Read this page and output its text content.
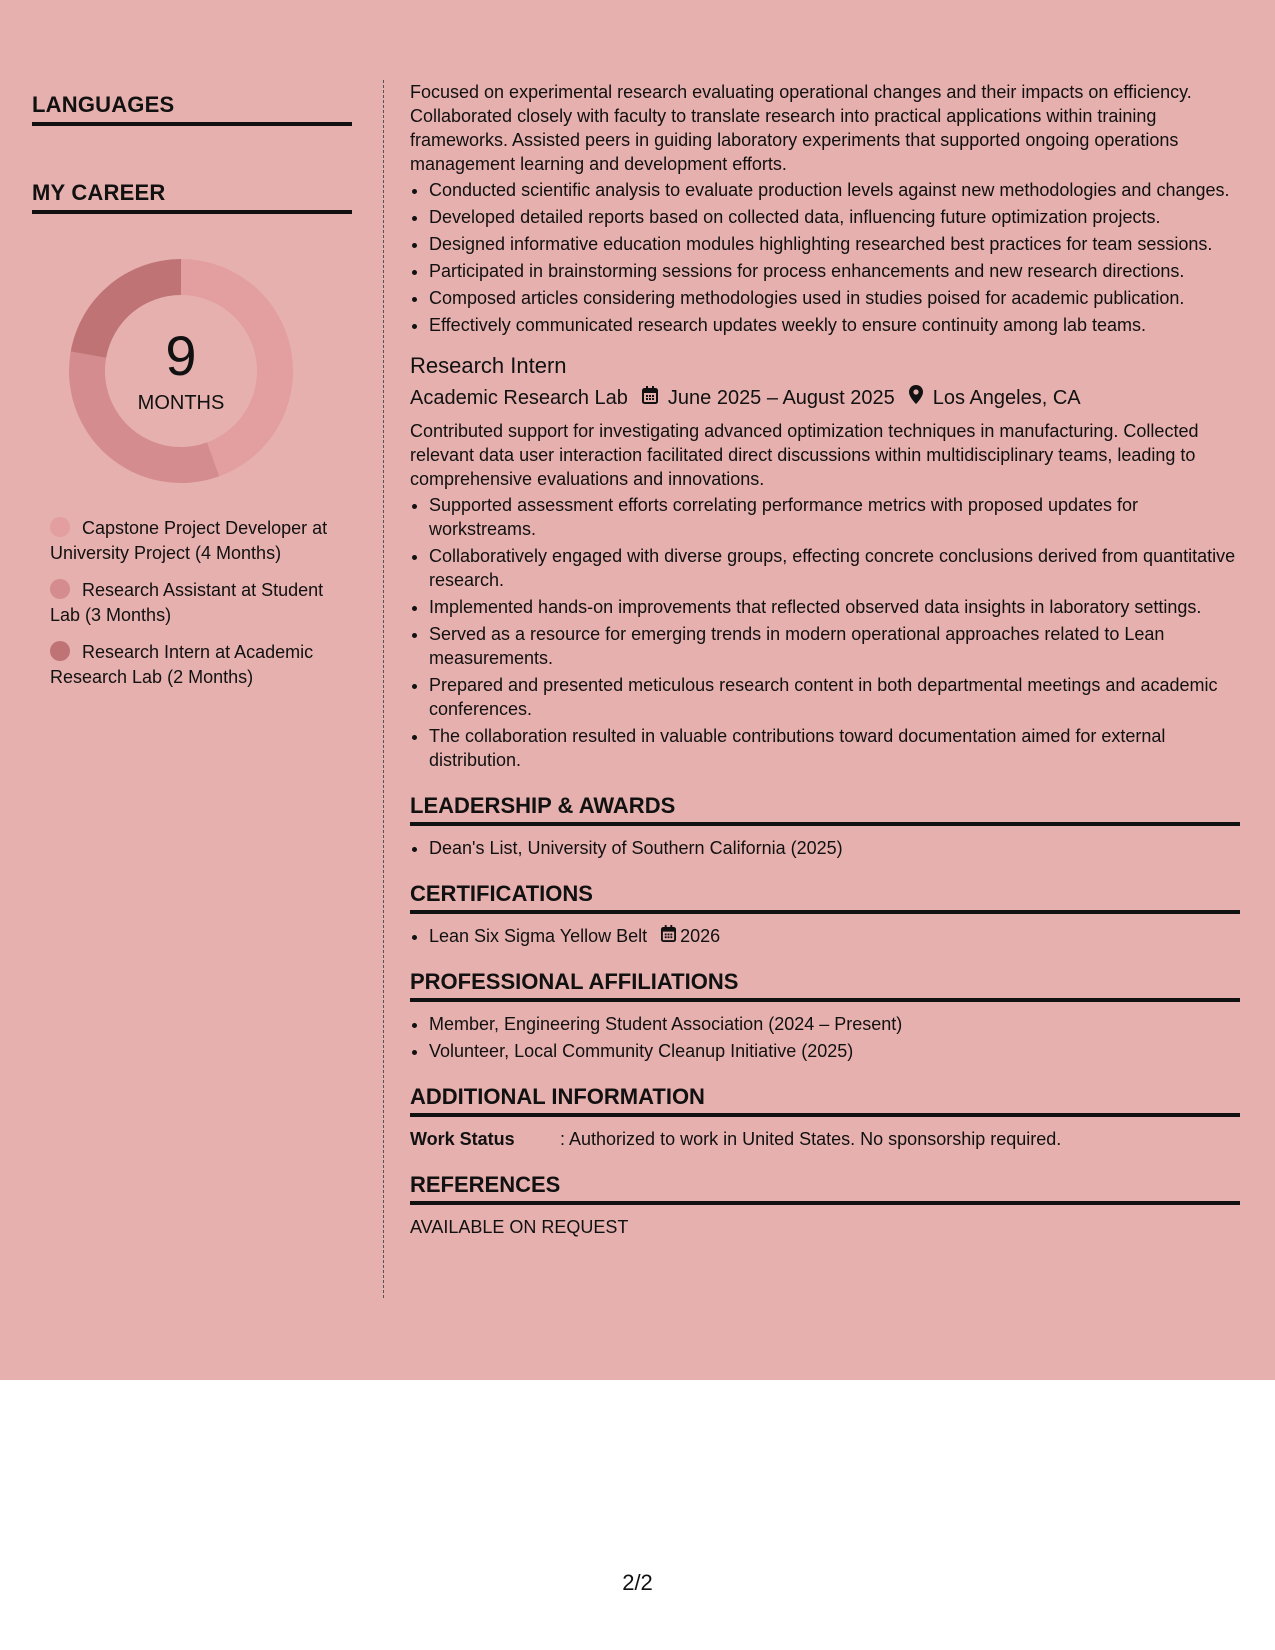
LANGUAGES
MY CAREER
9
MONTHS
Capstone Project Developer at University Project (4 Months)
Research Assistant at Student Lab (3 Months)
Research Intern at Academic Research Lab (2 Months)

Focused on experimental research evaluating operational changes and their impacts on efficiency. Collaborated closely with faculty to translate research into practical applications within training frameworks. Assisted peers in guiding laboratory experiments that supported ongoing operations management learning and development efforts.

• Conducted scientific analysis to evaluate production levels against new methodologies and changes.
• Developed detailed reports based on collected data, influencing future optimization projects.
• Designed informative education modules highlighting researched best practices for team sessions.
• Participated in brainstorming sessions for process enhancements and new research directions.
• Composed articles considering methodologies used in studies poised for academic publication.
• Effectively communicated research updates weekly to ensure continuity among lab teams.
Research Intern
Academic Research Lab June 2025 – August 2025 Los Angeles, CA

Contributed support for investigating advanced optimization techniques in manufacturing. Collected relevant data user interaction facilitated direct discussions within multidisciplinary teams, leading to comprehensive evaluations and innovations.

• Supported assessment efforts correlating performance metrics with proposed updates for workstreams.
• Collaboratively engaged with diverse groups, effecting concrete conclusions derived from quantitative research.
• Implemented hands-on improvements that reflected observed data insights in laboratory settings.
• Served as a resource for emerging trends in modern operational approaches related to Lean measurements.
• Prepared and presented meticulous research content in both departmental meetings and academic conferences.
• The collaboration resulted in valuable contributions toward documentation aimed for external distribution.
LEADERSHIP & AWARDS
• Dean's List, University of Southern California (2025)
CERTIFICATIONS
• Lean Six Sigma Yellow Belt 2026
PROFESSIONAL AFFILIATIONS
• Member, Engineering Student Association (2024 – Present)
• Volunteer, Local Community Cleanup Initiative (2025)
ADDITIONAL INFORMATION
Work Status	: Authorized to work in United States. No sponsorship required.
REFERENCES

AVAILABLE ON REQUEST

2/2
